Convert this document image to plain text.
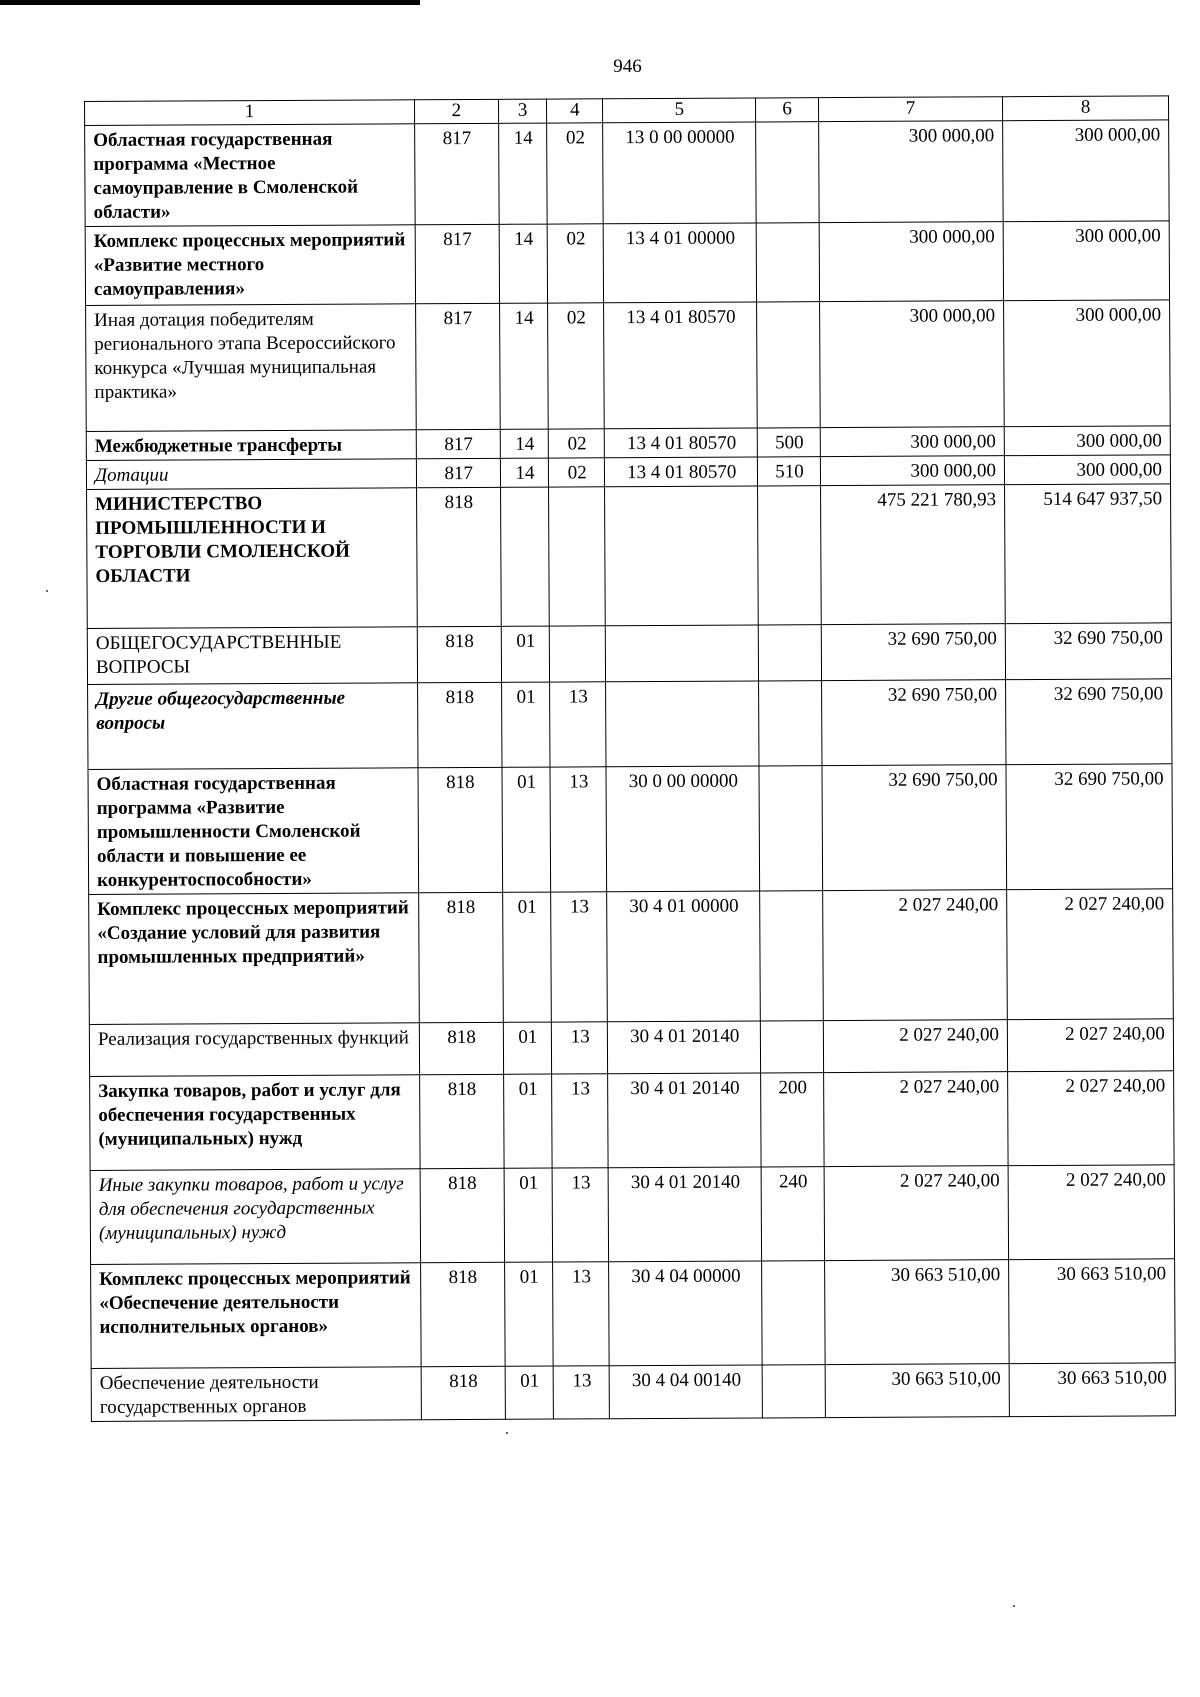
946
1	2	3	4	5	6	7	8
Областная государственная программа «Местное самоуправление в Смоленской области»	817	14	02	13 0 00 00000		300 000,00	300 000,00
Комплекс процессных мероприятий «Развитие местного самоуправления»	817	14	02	13 4 01 00000		300 000,00	300 000,00
Иная дотация победителям регионального этапа Всероссийского конкурса «Лучшая муниципальная практика»	817	14	02	13 4 01 80570		300 000,00	300 000,00
Межбюджетные трансферты	817	14	02	13 4 01 80570	500	300 000,00	300 000,00
Дотации	817	14	02	13 4 01 80570	510	300 000,00	300 000,00
МИНИСТЕРСТВО ПРОМЫШЛЕННОСТИ И ТОРГОВЛИ СМОЛЕНСКОЙ ОБЛАСТИ	818					475 221 780,93	514 647 937,50
ОБЩЕГОСУДАРСТВЕННЫЕ ВОПРОСЫ	818	01				32 690 750,00	32 690 750,00
Другие общегосударственные вопросы	818	01	13			32 690 750,00	32 690 750,00
Областная государственная программа «Развитие промышленности Смоленской области и повышение ее конкурентоспособности»	818	01	13	30 0 00 00000		32 690 750,00	32 690 750,00
Комплекс процессных мероприятий «Создание условий для развития промышленных предприятий»	818	01	13	30 4 01 00000		2 027 240,00	2 027 240,00
Реализация государственных функций	818	01	13	30 4 01 20140		2 027 240,00	2 027 240,00
Закупка товаров, работ и услуг для обеспечения государственных (муниципальных) нужд	818	01	13	30 4 01 20140	200	2 027 240,00	2 027 240,00
Иные закупки товаров, работ и услуг для обеспечения государственных (муниципальных) нужд	818	01	13	30 4 01 20140	240	2 027 240,00	2 027 240,00
Комплекс процессных мероприятий «Обеспечение деятельности исполнительных органов»	818	01	13	30 4 04 00000		30 663 510,00	30 663 510,00
Обеспечение деятельности государственных органов	818	01	13	30 4 04 00140		30 663 510,00	30 663 510,00
